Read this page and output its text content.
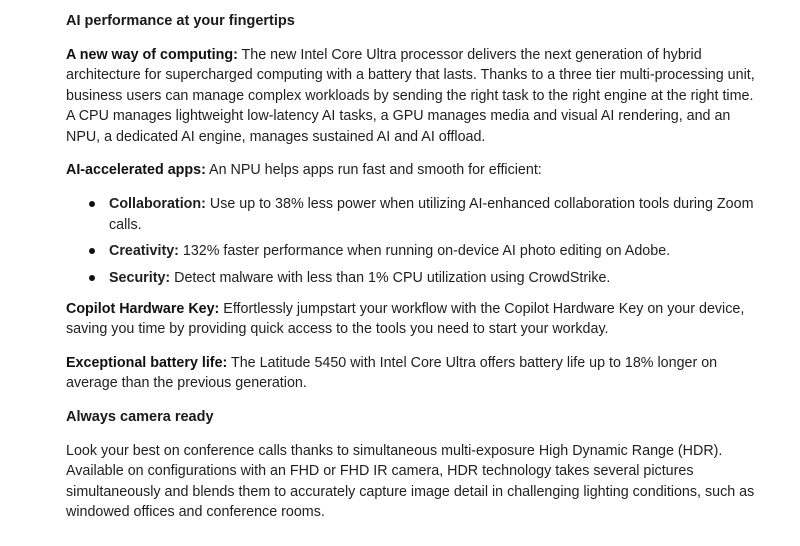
AI performance at your fingertips

A new way of computing: The new Intel Core Ultra processor delivers the next generation of hybrid architecture for supercharged computing with a battery that lasts. Thanks to a three tier multi-processing unit, business users can manage complex workloads by sending the right task to the right engine at the right time. A CPU manages lightweight low-latency AI tasks, a GPU manages media and visual AI rendering, and an NPU, a dedicated AI engine, manages sustained AI and AI offload.

AI-accelerated apps: An NPU helps apps run fast and smooth for efficient:

Collaboration: Use up to 38% less power when utilizing AI-enhanced collaboration tools during Zoom calls.
Creativity: 132% faster performance when running on-device AI photo editing on Adobe.
Security: Detect malware with less than 1% CPU utilization using CrowdStrike.

Copilot Hardware Key: Effortlessly jumpstart your workflow with the Copilot Hardware Key on your device, saving you time by providing quick access to the tools you need to start your workday.

Exceptional battery life: The Latitude 5450 with Intel Core Ultra offers battery life up to 18% longer on average than the previous generation.

Always camera ready

Look your best on conference calls thanks to simultaneous multi-exposure High Dynamic Range (HDR). Available on configurations with an FHD or FHD IR camera, HDR technology takes several pictures simultaneously and blends them to accurately capture image detail in challenging lighting conditions, such as windowed offices and conference rooms.
